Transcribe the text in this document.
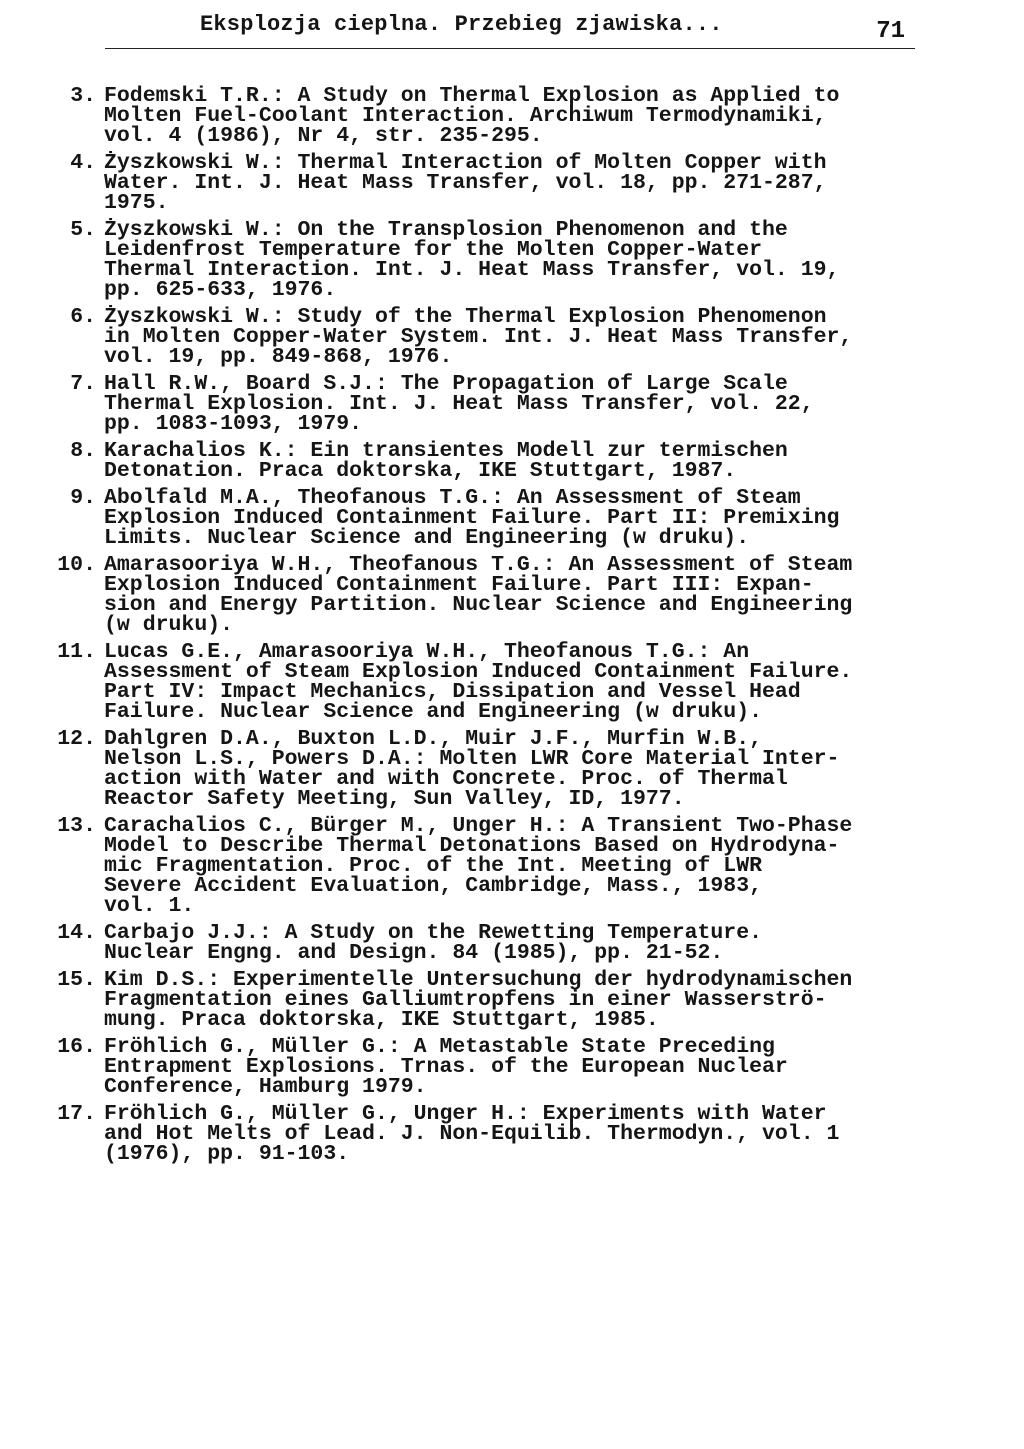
Eksplozja cieplna. Przebieg zjawiska...	71
3. Fodemski T.R.: A Study on Thermal Explosion as Applied to
Molten Fuel-Coolant Interaction. Archiwum Termodynamiki,
vol. 4 (1986), Nr 4, str. 235-295.
4. Żyszkowski W.: Thermal Interaction of Molten Copper with
Water. Int. J. Heat Mass Transfer, vol. 18, pp. 271-287,
1975.
5. Żyszkowski W.: On the Transplosion Phenomenon and the
Leidenfrost Temperature for the Molten Copper-Water
Thermal Interaction. Int. J. Heat Mass Transfer, vol. 19,
pp. 625-633, 1976.
6. Żyszkowski W.: Study of the Thermal Explosion Phenomenon
in Molten Copper-Water System. Int. J. Heat Mass Transfer,
vol. 19, pp. 849-868, 1976.
7. Hall R.W., Board S.J.: The Propagation of Large Scale
Thermal Explosion. Int. J. Heat Mass Transfer, vol. 22,
pp. 1083-1093, 1979.
8. Karachalios K.: Ein transientes Modell zur termischen
Detonation. Praca doktorska, IKE Stuttgart, 1987.
9. Abolfald M.A., Theofanous T.G.: An Assessment of Steam
Explosion Induced Containment Failure. Part II: Premixing
Limits. Nuclear Science and Engineering (w druku).
10. Amarasooriya W.H., Theofanous T.G.: An Assessment of Steam
Explosion Induced Containment Failure. Part III: Expan-
sion and Energy Partition. Nuclear Science and Engineering
(w druku).
11. Lucas G.E., Amarasooriya W.H., Theofanous T.G.: An
Assessment of Steam Explosion Induced Containment Failure.
Part IV: Impact Mechanics, Dissipation and Vessel Head
Failure. Nuclear Science and Engineering (w druku).
12. Dahlgren D.A., Buxton L.D., Muir J.F., Murfin W.B.,
Nelson L.S., Powers D.A.: Molten LWR Core Material Inter-
action with Water and with Concrete. Proc. of Thermal
Reactor Safety Meeting, Sun Valley, ID, 1977.
13. Carachalios C., Bürger M., Unger H.: A Transient Two-Phase
Model to Describe Thermal Detonations Based on Hydrodyna-
mic Fragmentation. Proc. of the Int. Meeting of LWR
Severe Accident Evaluation, Cambridge, Mass., 1983,
vol. 1.
14. Carbajo J.J.: A Study on the Rewetting Temperature.
Nuclear Engng. and Design. 84 (1985), pp. 21-52.
15. Kim D.S.: Experimentelle Untersuchung der hydrodynamischen
Fragmentation eines Galliumtropfens in einer Wasserströ-
mung. Praca doktorska, IKE Stuttgart, 1985.
16. Fröhlich G., Müller G.: A Metastable State Preceding
Entrapment Explosions. Trnas. of the European Nuclear
Conference, Hamburg 1979.
17. Fröhlich G., Müller G., Unger H.: Experiments with Water
and Hot Melts of Lead. J. Non-Equilib. Thermodyn., vol. 1
(1976), pp. 91-103.
